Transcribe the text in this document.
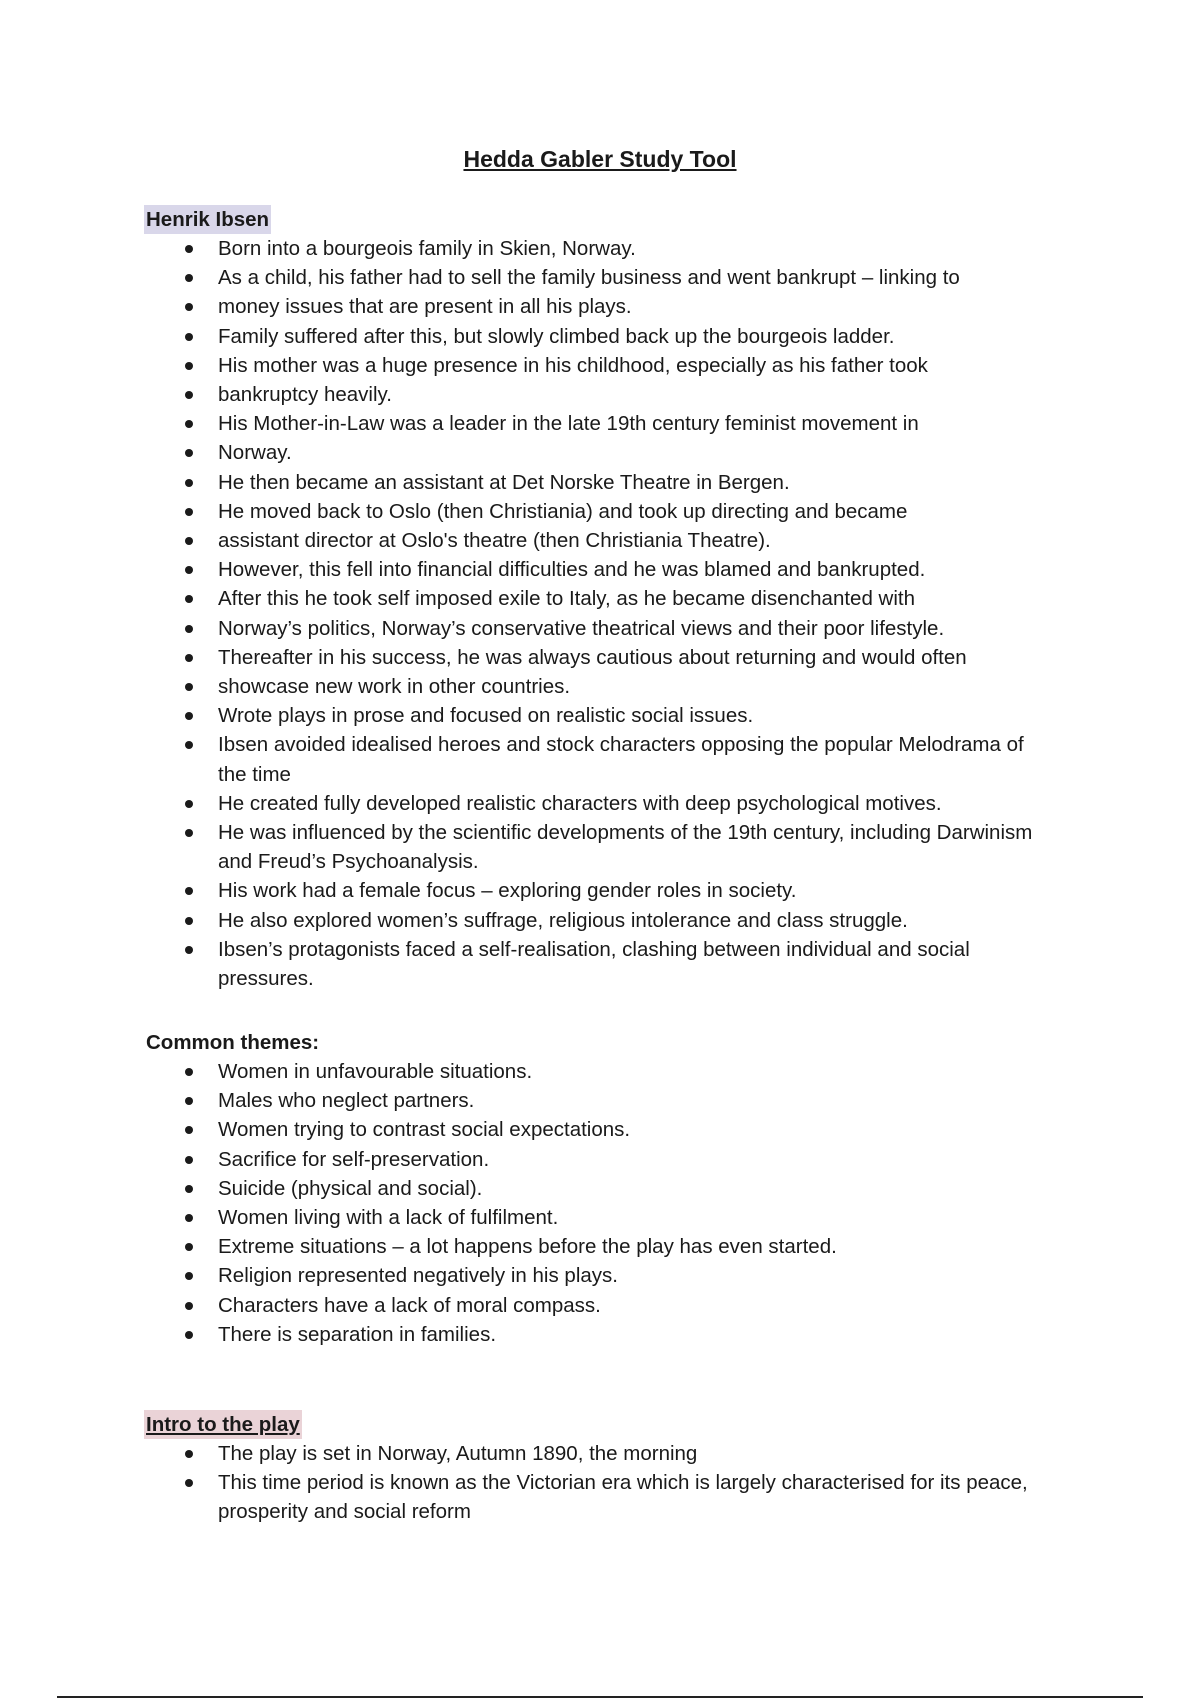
Hedda Gabler Study Tool
Henrik Ibsen
Born into a bourgeois family in Skien, Norway.
As a child, his father had to sell the family business and went bankrupt – linking to
money issues that are present in all his plays.
Family suffered after this, but slowly climbed back up the bourgeois ladder.
His mother was a huge presence in his childhood, especially as his father took
bankruptcy heavily.
His Mother-in-Law was a leader in the late 19th century feminist movement in
Norway.
He then became an assistant at Det Norske Theatre in Bergen.
He moved back to Oslo (then Christiania) and took up directing and became
assistant director at Oslo's theatre (then Christiania Theatre).
However, this fell into financial difficulties and he was blamed and bankrupted.
After this he took self imposed exile to Italy, as he became disenchanted with
Norway’s politics, Norway’s conservative theatrical views and their poor lifestyle.
Thereafter in his success, he was always cautious about returning and would often
showcase new work in other countries.
Wrote plays in prose and focused on realistic social issues.
Ibsen avoided idealised heroes and stock characters opposing the popular Melodrama of the time
He created fully developed realistic characters with deep psychological motives.
He was influenced by the scientific developments of the 19th century, including Darwinism and Freud’s Psychoanalysis.
His work had a female focus – exploring gender roles in society.
He also explored women’s suffrage, religious intolerance and class struggle.
Ibsen’s protagonists faced a self-realisation, clashing between individual and social pressures.
Common themes:
Women in unfavourable situations.
Males who neglect partners.
Women trying to contrast social expectations.
Sacrifice for self-preservation.
Suicide (physical and social).
Women living with a lack of fulfilment.
Extreme situations – a lot happens before the play has even started.
Religion represented negatively in his plays.
Characters have a lack of moral compass.
There is separation in families.
Intro to the play
The play is set in Norway, Autumn 1890, the morning
This time period is known as the Victorian era which is largely characterised for its peace, prosperity and social reform
